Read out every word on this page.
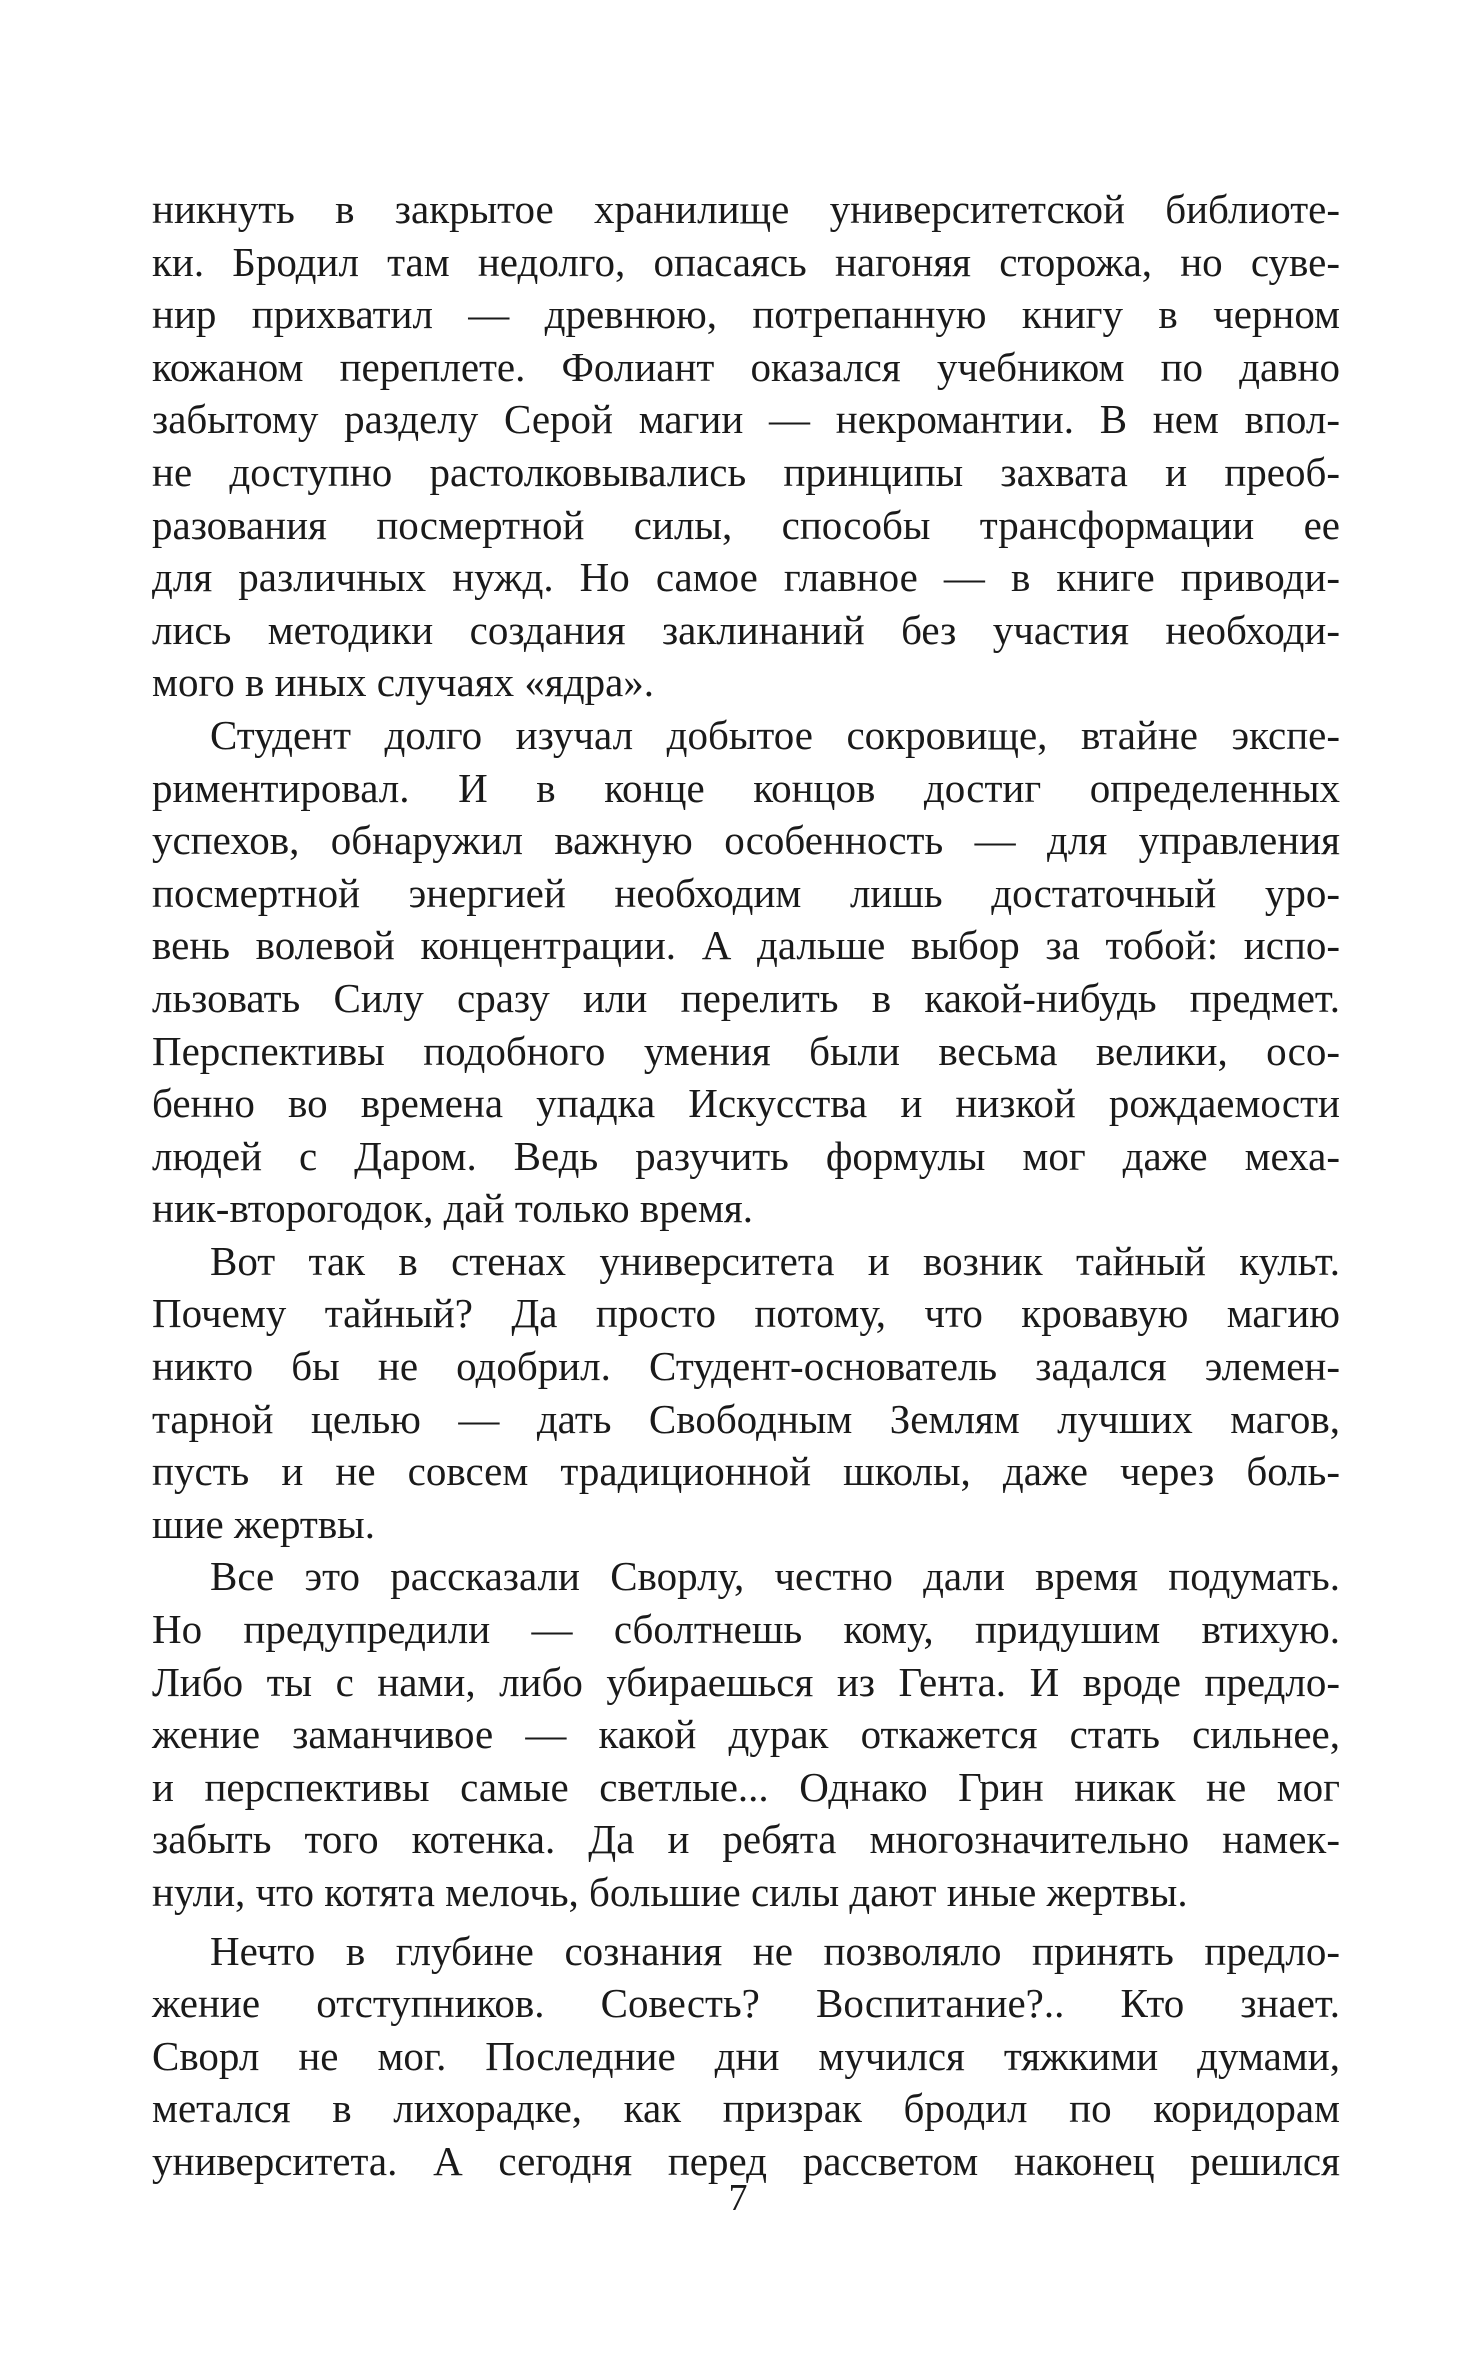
никнуть в закрытое хранилище университетской библиоте-
ки. Бродил там недолго, опасаясь нагоняя сторожа, но суве-
нир прихватил — древнюю, потрепанную книгу в черном
кожаном переплете. Фолиант оказался учебником по давно
забытому разделу Серой магии — некромантии. В нем впол-
не доступно растолковывались принципы захвата и преоб-
разования посмертной силы, способы трансформации ее
для различных нужд. Но самое главное — в книге приводи-
лись методики создания заклинаний без участия необходи-
мого в иных случаях «ядра».
Студент долго изучал добытое сокровище, втайне экспе-
риментировал. И в конце концов достиг определенных
успехов, обнаружил важную особенность — для управления
посмертной энергией необходим лишь достаточный уро-
вень волевой концентрации. А дальше выбор за тобой: испо-
льзовать Силу сразу или перелить в какой-нибудь предмет.
Перспективы подобного умения были весьма велики, осо-
бенно во времена упадка Искусства и низкой рождаемости
людей с Даром. Ведь разучить формулы мог даже меха-
ник-второгодок, дай только время.
Вот так в стенах университета и возник тайный культ.
Почему тайный? Да просто потому, что кровавую магию
никто бы не одобрил. Студент-основатель задался элемен-
тарной целью — дать Свободным Землям лучших магов,
пусть и не совсем традиционной школы, даже через боль-
шие жертвы.
Все это рассказали Сворлу, честно дали время подумать.
Но предупредили — сболтнешь кому, придушим втихую.
Либо ты с нами, либо убираешься из Гента. И вроде предло-
жение заманчивое — какой дурак откажется стать сильнее,
и перспективы самые светлые... Однако Грин никак не мог
забыть того котенка. Да и ребята многозначительно намек-
нули, что котята мелочь, большие силы дают иные жертвы.
Нечто в глубине сознания не позволяло принять предло-
жение отступников. Совесть? Воспитание?.. Кто знает.
Сворл не мог. Последние дни мучился тяжкими думами,
метался в лихорадке, как призрак бродил по коридорам
университета. А сегодня перед рассветом наконец решился
7
